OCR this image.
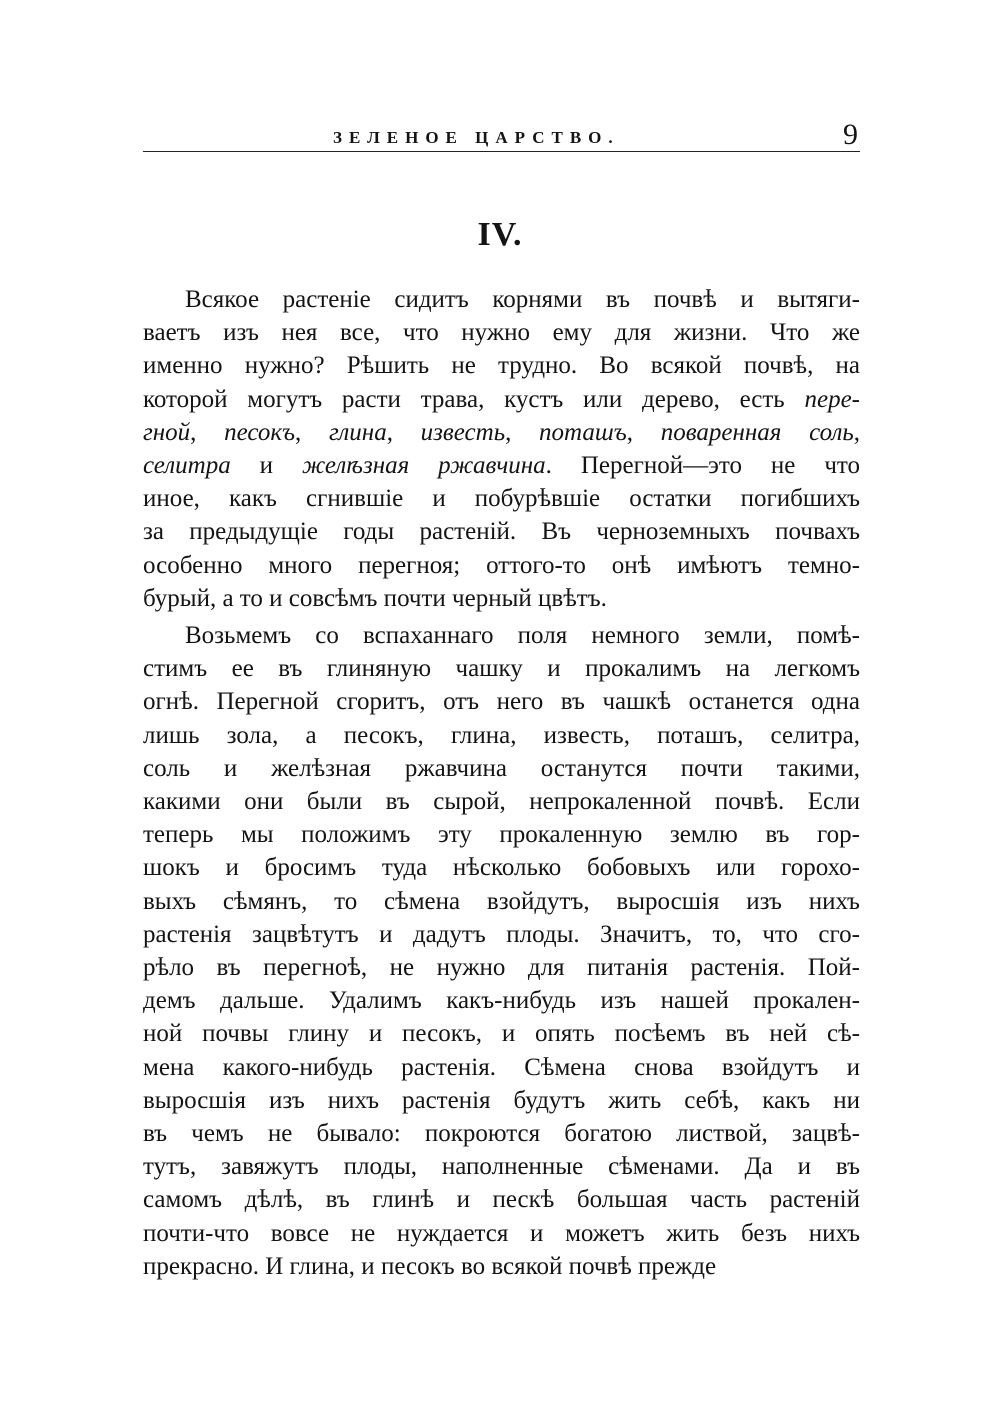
ЗЕЛЕНОЕ ЦАРСТВО.	9
IV.
Всякое растеніе сидитъ корнями въ почвѣ и вытяги-
ваетъ изъ нея все, что нужно ему для жизни. Что же
именно нужно? Рѣшить не трудно. Во всякой почвѣ, на
которой могутъ расти трава, кустъ или дерево, есть пере-
гной, песокъ, глина, известь, поташъ, поваренная соль,
селитра и желѣзная ржавчина. Перегной—это не что
иное, какъ сгнившіе и побурѣвшіе остатки погибшихъ
за предыдущіе годы растеній. Въ черноземныхъ почвахъ
особенно много перегноя; оттого-то онѣ имѣютъ темно-
бурый, а то и совсѣмъ почти черный цвѣтъ.
Возьмемъ со вспаханнаго поля немного земли, помѣ-
стимъ ее въ глиняную чашку и прокалимъ на легкомъ
огнѣ. Перегной сгоритъ, отъ него въ чашкѣ останется одна
лишь зола, а песокъ, глина, известь, поташъ, селитра,
соль и желѣзная ржавчина останутся почти такими,
какими они были въ сырой, непрокаленной почвѣ. Если
теперь мы положимъ эту прокаленную землю въ гор-
шокъ и бросимъ туда нѣсколько бобовыхъ или горохо-
выхъ сѣмянъ, то сѣмена взойдутъ, выросшія изъ нихъ
растенія зацвѣтутъ и дадутъ плоды. Значитъ, то, что сго-
рѣло въ перегноѣ, не нужно для питанія растенія. Пой-
демъ дальше. Удалимъ какъ-нибудь изъ нашей прокален-
ной почвы глину и песокъ, и опять посѣемъ въ ней сѣ-
мена какого-нибудь растенія. Сѣмена снова взойдутъ и
выросшія изъ нихъ растенія будутъ жить себѣ, какъ ни
въ чемъ не бывало: покроются богатою листвой, зацвѣ-
тутъ, завяжутъ плоды, наполненные сѣменами. Да и въ
самомъ дѣлѣ, въ глинѣ и пескѣ большая часть растеній
почти-что вовсе не нуждается и можетъ жить безъ нихъ
прекрасно. И глина, и песокъ во всякой почвѣ прежде
